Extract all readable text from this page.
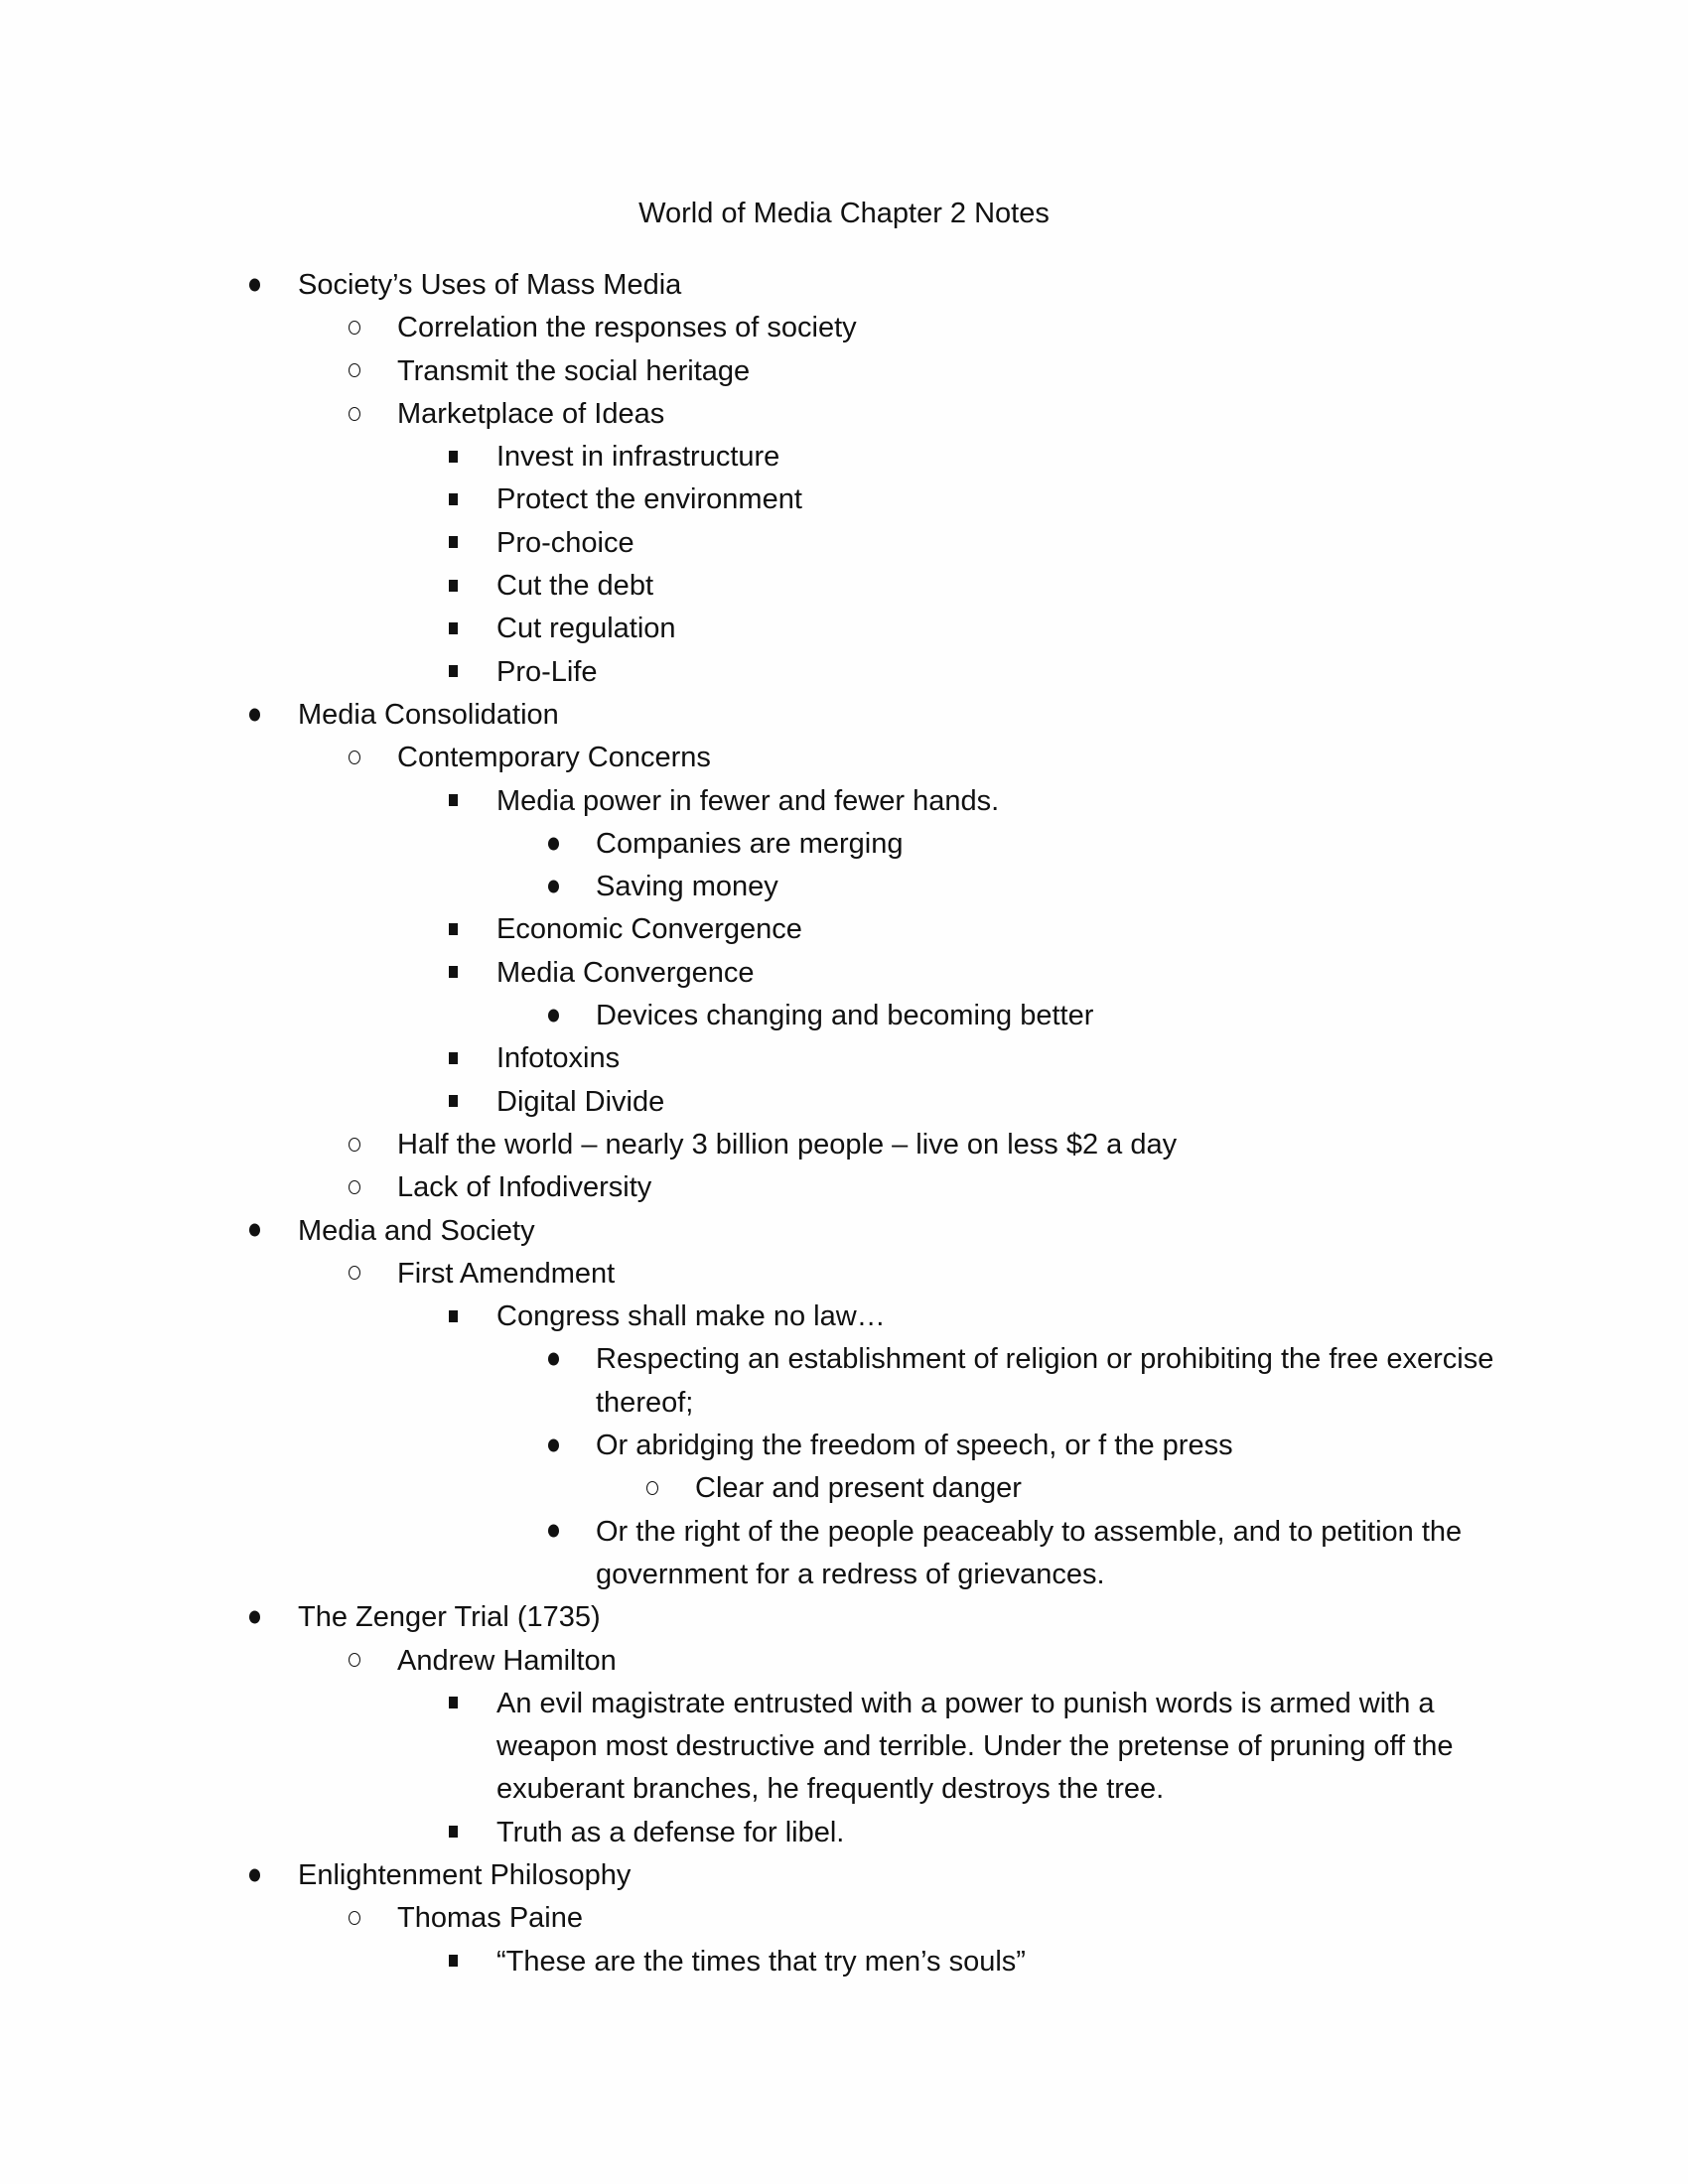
World of Media Chapter 2 Notes
Society’s Uses of Mass Media
Correlation the responses of society
Transmit the social heritage
Marketplace of Ideas
Invest in infrastructure
Protect the environment
Pro-choice
Cut the debt
Cut regulation
Pro-Life
Media Consolidation
Contemporary Concerns
Media power in fewer and fewer hands.
Companies are merging
Saving money
Economic Convergence
Media Convergence
Devices changing and becoming better
Infotoxins
Digital Divide
Half the world – nearly 3 billion people – live on less $2 a day
Lack of Infodiversity
Media and Society
First Amendment
Congress shall make no law…
Respecting an establishment of religion or prohibiting the free exercise
thereof;
Or abridging the freedom of speech, or f the press
Clear and present danger
Or the right of the people peaceably to assemble, and to petition the
government for a redress of grievances.
The Zenger Trial (1735)
Andrew Hamilton
An evil magistrate entrusted with a power to punish words is armed with a
weapon most destructive and terrible. Under the pretense of pruning off the
exuberant branches, he frequently destroys the tree.
Truth as a defense for libel.
Enlightenment Philosophy
Thomas Paine
“These are the times that try men’s souls”
